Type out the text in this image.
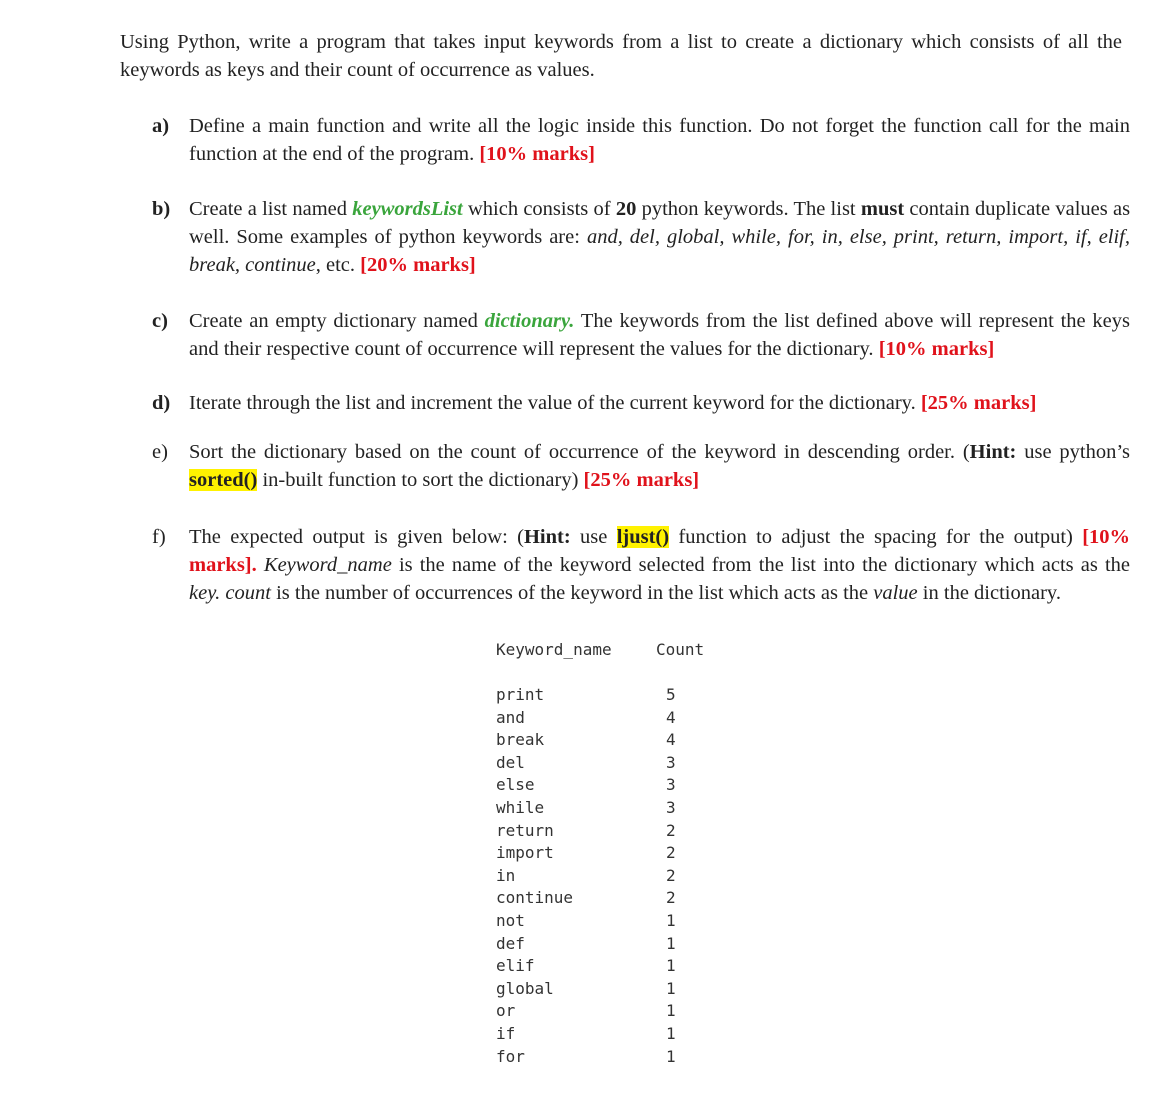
Using Python, write a program that takes input keywords from a list to create a dictionary which consists of all the keywords as keys and their count of occurrence as values.
a) Define a main function and write all the logic inside this function. Do not forget the function call for the main function at the end of the program. [10% marks]
b) Create a list named keywordsList which consists of 20 python keywords. The list must contain duplicate values as well. Some examples of python keywords are: and, del, global, while, for, in, else, print, return, import, if, elif, break, continue, etc. [20% marks]
c)	Create an empty dictionary named dictionary. The keywords from the list defined above will represent the keys and their respective count of occurrence will represent the values for the dictionary. [10% marks]
d) Iterate through the list and increment the value of the current keyword for the dictionary. [25% marks]
e)	Sort the dictionary based on the count of occurrence of the keyword in descending order. (Hint: use python’s sorted() in-built function to sort the dictionary) [25% marks]
f)	The expected output is given below: (Hint: use ljust() function to adjust the spacing for the output) [10% marks]. Keyword_name is the name of the keyword selected from the list into the dictionary which acts as the key. count is the number of occurrences of the keyword in the list which acts as the value in the dictionary.
Keyword_name	Count
print	5
and	4
break	4
del	3
else	3
while	3
return	2
import	2
in	2
continue	2
not	1
def	1
elif	1
global	1
or	1
if	1
for	1
